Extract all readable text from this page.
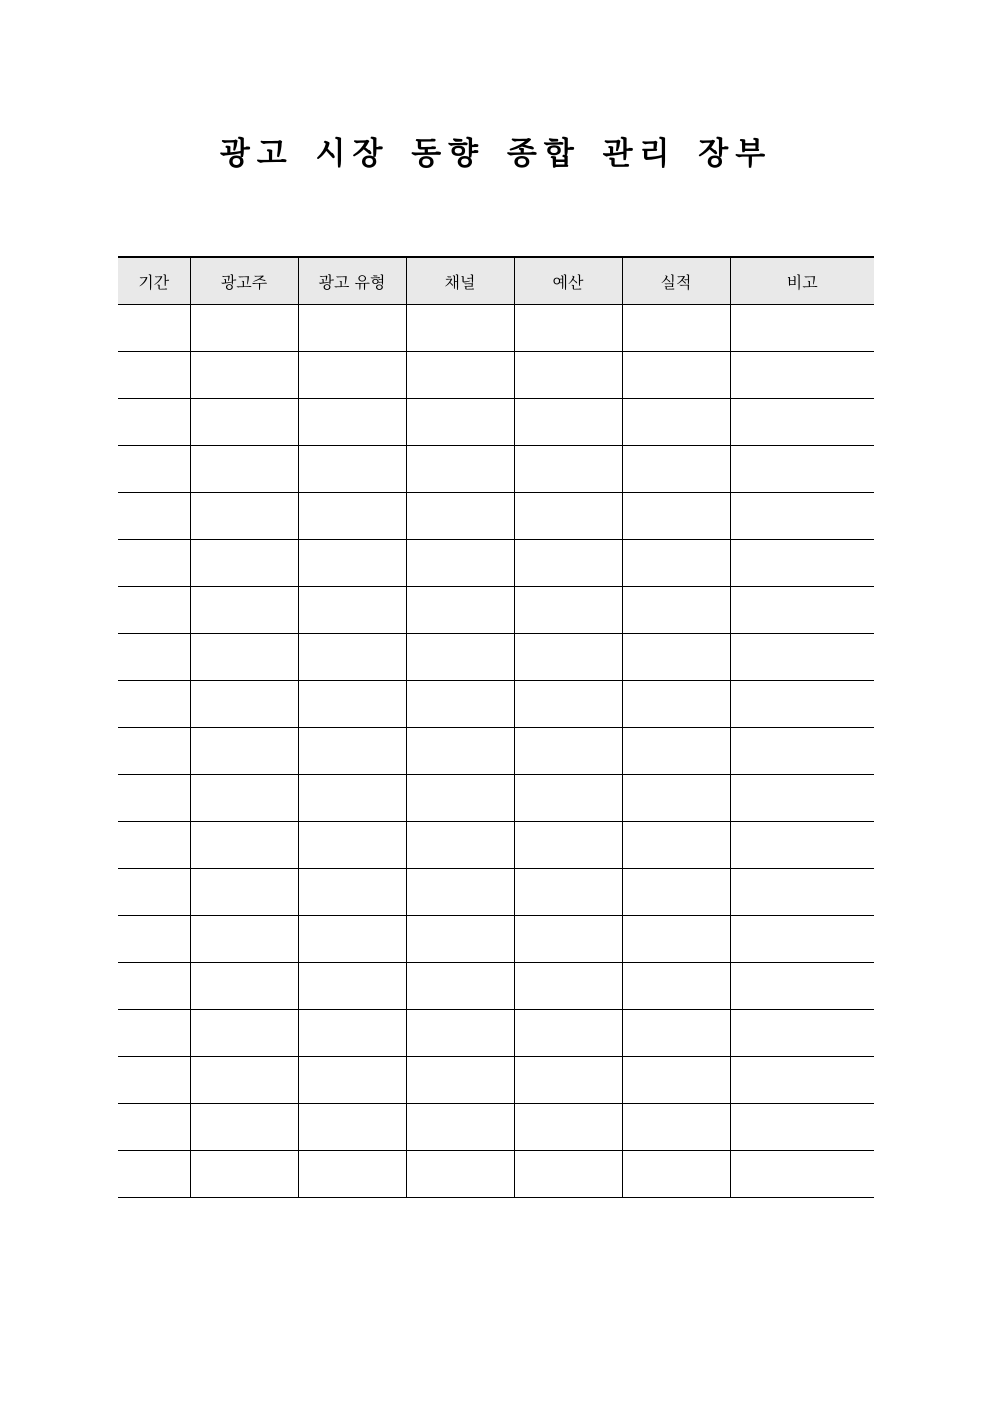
광고 시장 동향 종합 관리 장부
기간	광고주	광고 유형	채널	예산	실적	비고
